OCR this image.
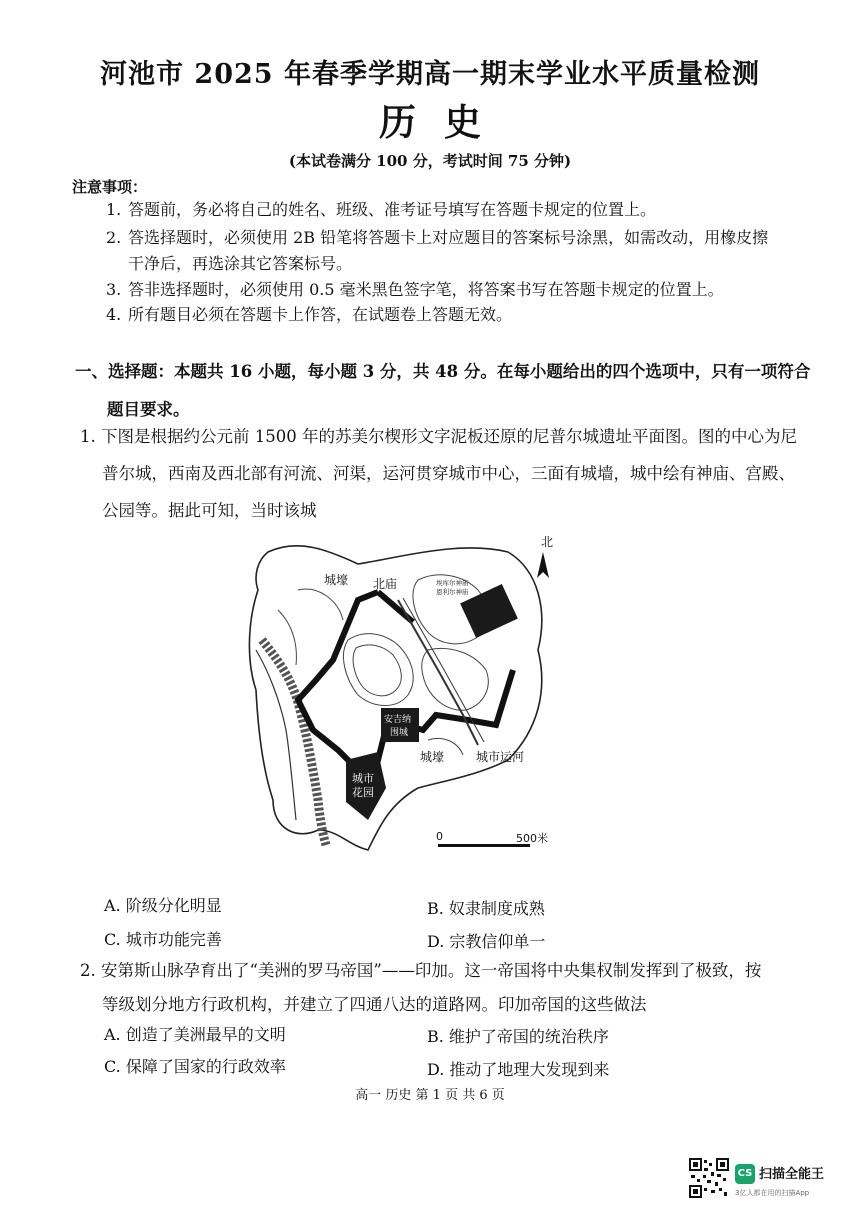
河池市 2025 年春季学期高一期末学业水平质量检测
历史
(本试卷满分 100 分，考试时间 75 分钟)
注意事项：
1. 答题前，务必将自己的姓名、班级、准考证号填写在答题卡规定的位置上。
2. 答选择题时，必须使用 2B 铅笔将答题卡上对应题目的答案标号涂黑，如需改动，用橡皮擦
干净后，再选涂其它答案标号。
3. 答非选择题时，必须使用 0.5 毫米黑色签字笔，将答案书写在答题卡规定的位置上。
4. 所有题目必须在答题卡上作答，在试题卷上答题无效。
一、选择题：本题共 16 小题，每小题 3 分，共 48 分。在每小题给出的四个选项中，只有一项符合
题目要求。
1. 下图是根据约公元前 1500 年的苏美尔楔形文字泥板还原的尼普尔城遗址平面图。图的中心为尼
普尔城，西南及西北部有河流、河渠，运河贯穿城市中心，三面有城墙，城中绘有神庙、宫殿、
公园等。据此可知，当时该城
北
城壕 北庙	埃库尔神庙
恩利尔神庙
安吉纳
围城
城壕	城市运河
城市
花园
0	500米
A. 阶级分化明显	B. 奴隶制度成熟
C. 城市功能完善	D. 宗教信仰单一
2. 安第斯山脉孕育出了“美洲的罗马帝国”——印加。这一帝国将中央集权制发挥到了极致，按
等级划分地方行政机构，并建立了四通八达的道路网。印加帝国的这些做法
A. 创造了美洲最早的文明	B. 维护了帝国的统治秩序
C. 保障了国家的行政效率	D. 推动了地理大发现到来
高一 历史 第 1 页 共 6 页
CS 扫描全能王
3亿人都在用的扫描App
